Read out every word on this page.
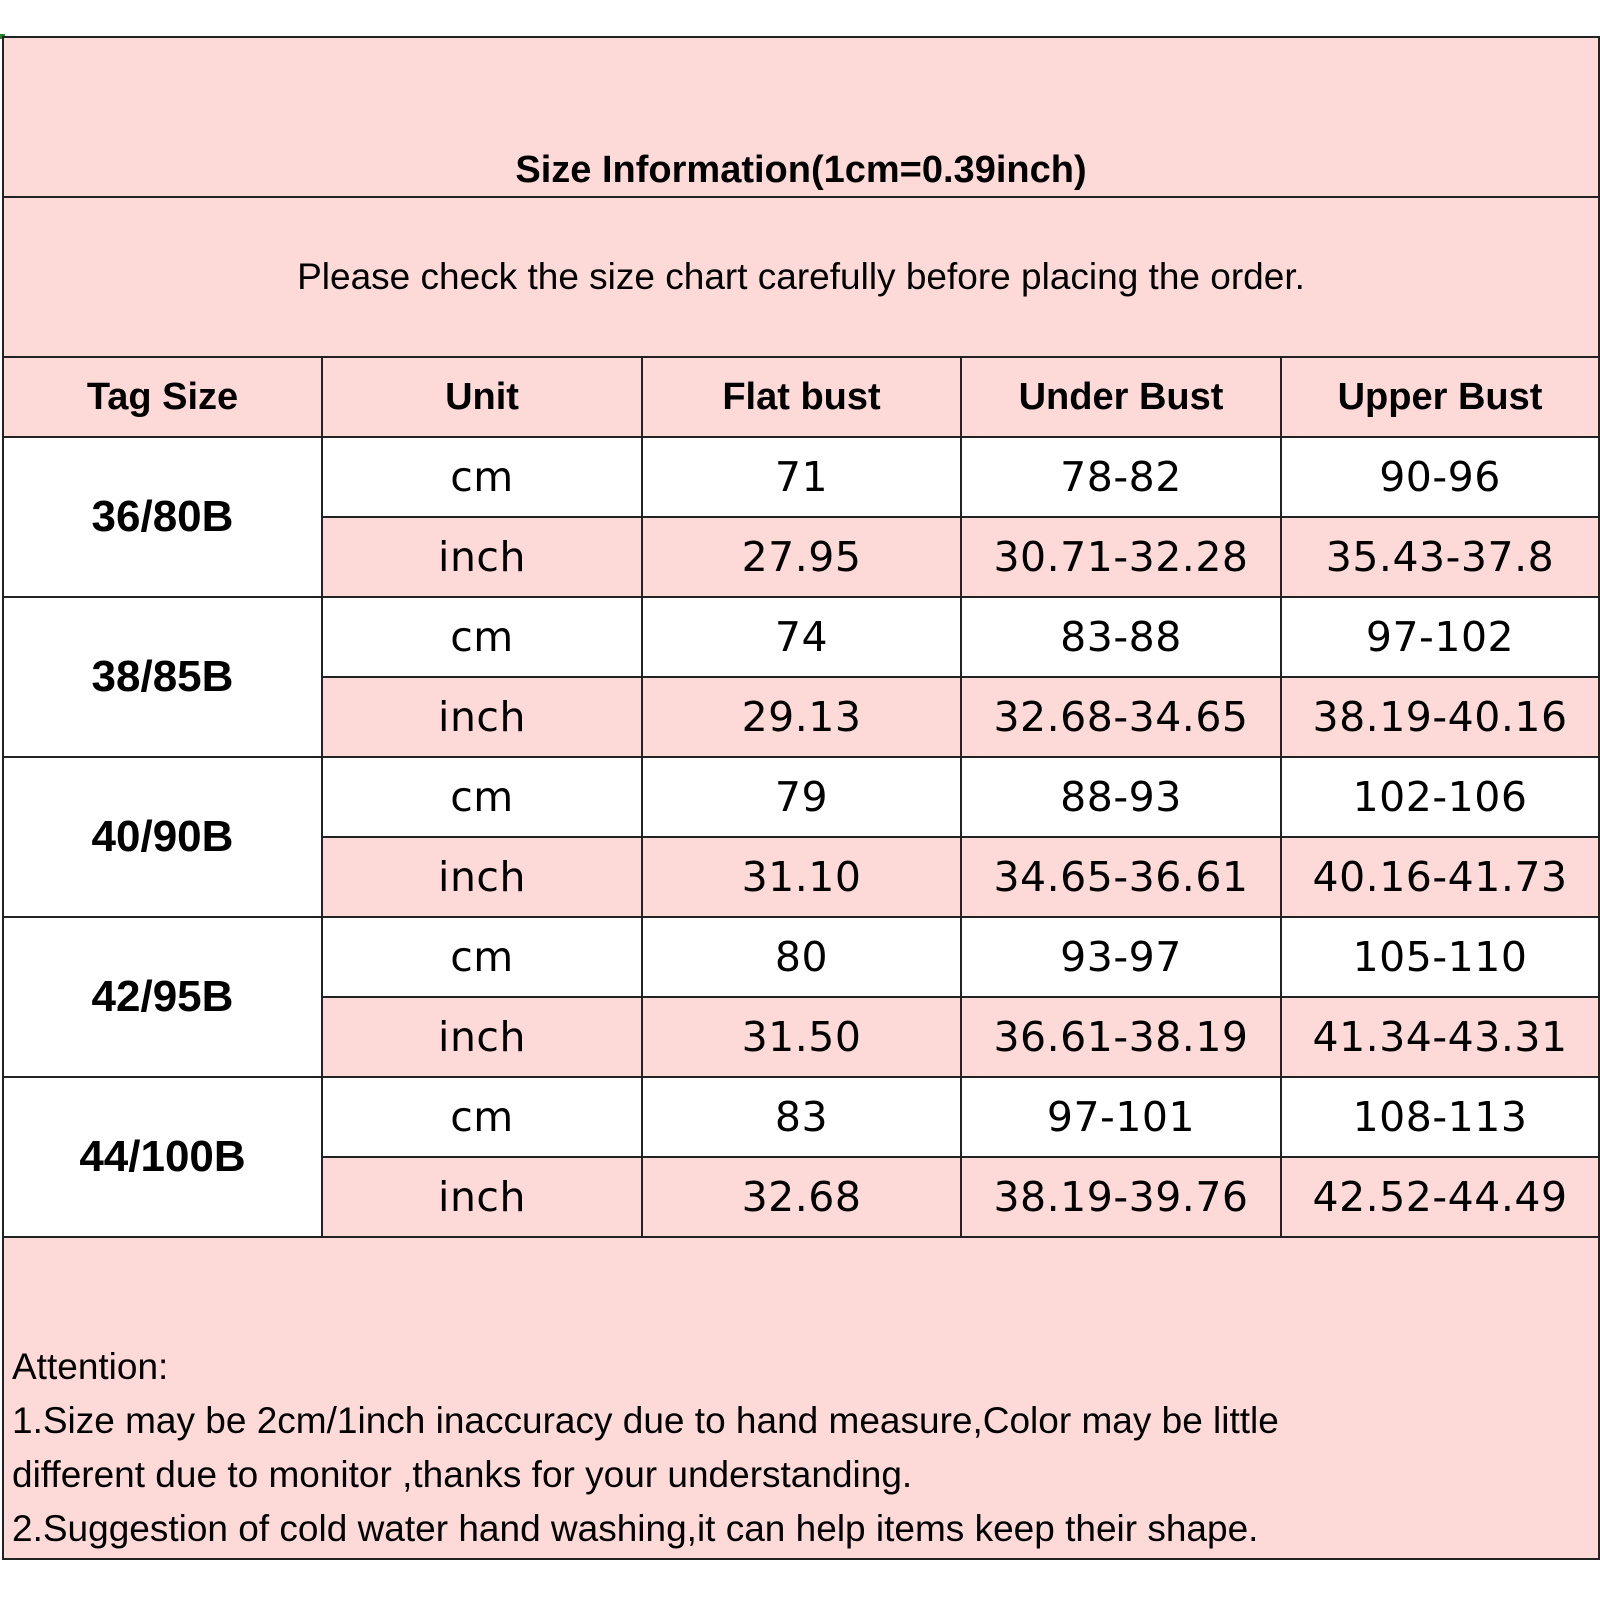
Size Information(1cm=0.39inch)				

Please check the size chart carefully before placing the order.				
Tag Size	Unit	Flat bust	Under Bust	Upper Bust
36/80B	cm	71	78-82	90-96
	inch	27.95	30.71-32.28	35.43-37.8
38/85B	cm	74	83-88	97-102
	inch	29.13	32.68-34.65	38.19-40.16
40/90B	cm	79	88-93	102-106
	inch	31.10	34.65-36.61	40.16-41.73
42/95B	cm	80	93-97	105-110
	inch	31.50	36.61-38.19	41.34-43.31
44/100B	cm	83	97-101	108-113
	inch	32.68	38.19-39.76	42.52-44.49

Attention:
1.Size may be 2cm/1inch inaccuracy due to hand measure,Color may be little
different due to monitor ,thanks for your understanding.
2.Suggestion of cold water hand washing,it can help items keep their shape.				
